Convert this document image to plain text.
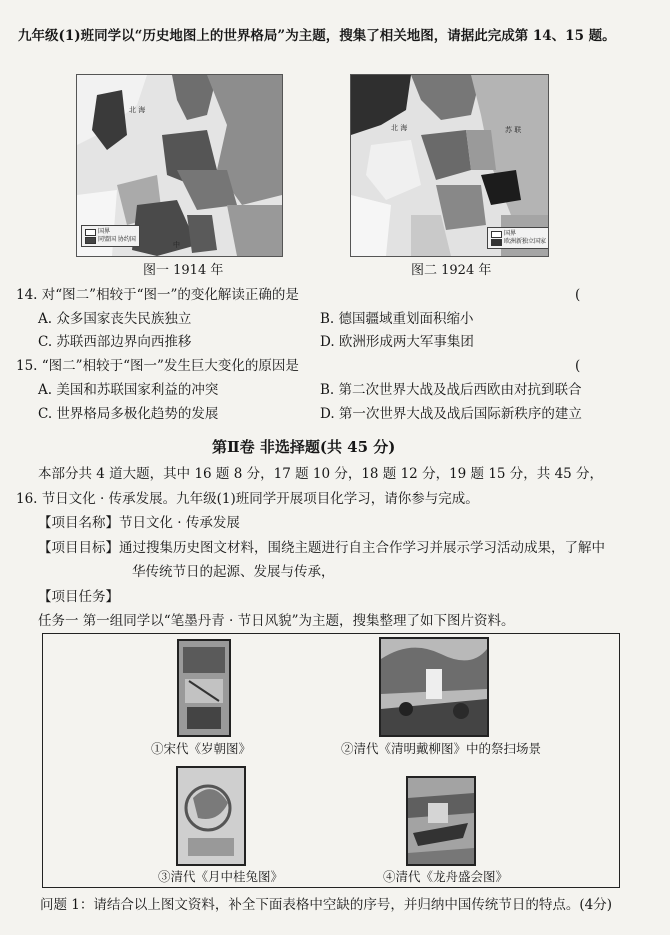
九年级(1)班同学以“历史地图上的世界格局”为主题，搜集了相关地图，请据此完成第 14、15 题。
北 海
中
国界
同盟国 协约国
图一 1914 年
苏 联
北 海
国界
欧洲新独立国家
图二 1924 年
14. 对“图二”相较于“图一”的变化解读正确的是	(
A. 众多国家丧失民族独立	B. 德国疆域重划面积缩小
C. 苏联西部边界向西推移	D. 欧洲形成两大军事集团
15. “图二”相较于“图一”发生巨大变化的原因是	(
A. 美国和苏联国家利益的冲突	B. 第二次世界大战及战后西欧由对抗到联合
C. 世界格局多极化趋势的发展	D. 第一次世界大战及战后国际新秩序的建立
第Ⅱ卷 非选择题(共 45 分)
本部分共 4 道大题，其中 16 题 8 分，17 题 10 分，18 题 12 分，19 题 15 分，共 45 分，
16. 节日文化 · 传承发展。九年级(1)班同学开展项目化学习，请你参与完成。
【项目名称】节日文化 · 传承发展
【项目目标】通过搜集历史图文材料，围绕主题进行自主合作学习并展示学习活动成果，了解中
华传统节日的起源、发展与传承，
【项目任务】
任务一 第一组同学以“笔墨丹青 · 节日风貌”为主题，搜集整理了如下图片资料。
①宋代《岁朝图》	②清代《清明戴柳图》中的祭扫场景
③清代《月中桂兔图》	④清代《龙舟盛会图》
问题 1：请结合以上图文资料，补全下面表格中空缺的序号，并归纳中国传统节日的特点。(4分)
